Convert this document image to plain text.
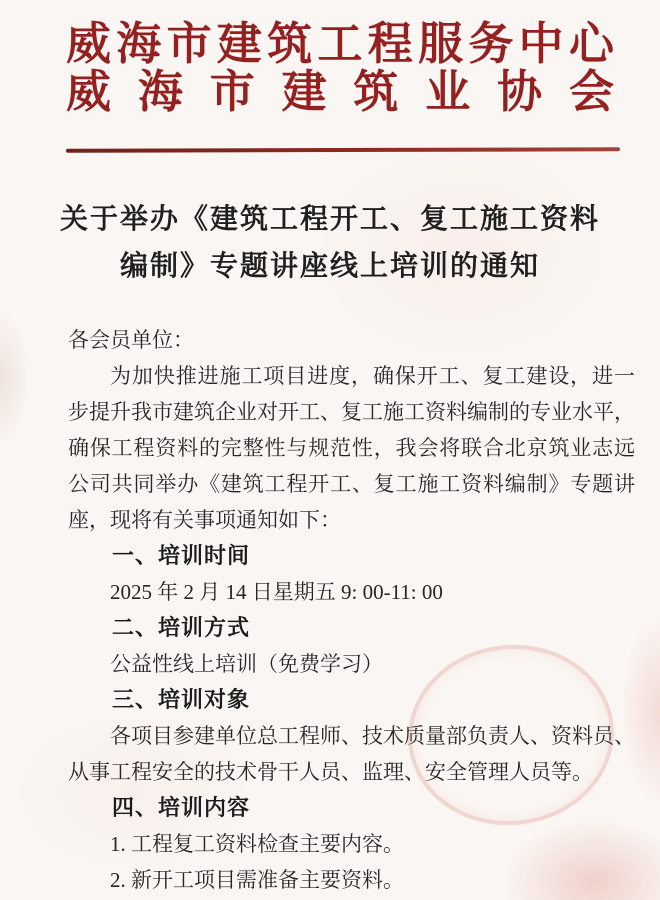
威海市建筑工程服务中心
威海市建筑业协会
关于举办《建筑工程开工、复工施工资料
编制》专题讲座线上培训的通知

各会员单位：

为加快推进施工项目进度，确保开工、复工建设，进一

步提升我市建筑企业对开工、复工施工资料编制的专业水平，

确保工程资料的完整性与规范性，我会将联合北京筑业志远

公司共同举办《建筑工程开工、复工施工资料编制》专题讲

座，现将有关事项通知如下：

一、培训时间

2025 年 2 月 14 日星期五 9: 00-11: 00

二、培训方式

公益性线上培训（免费学习）

三、培训对象

各项目参建单位总工程师、技术质量部负责人、资料员、

从事工程安全的技术骨干人员、监理、安全管理人员等。

四、培训内容

1. 工程复工资料检查主要内容。

2. 新开工项目需准备主要资料。
